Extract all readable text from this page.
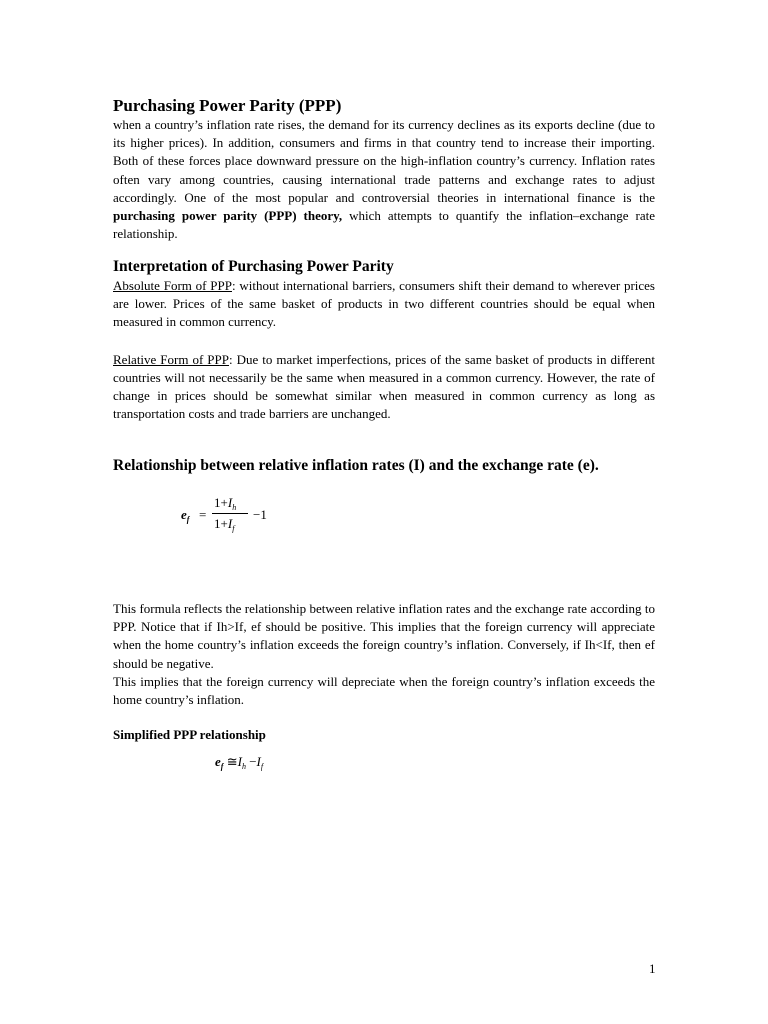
Purchasing Power Parity (PPP)

when a country’s inflation rate rises, the demand for its currency declines as its exports decline (due to its higher prices). In addition, consumers and firms in that country tend to increase their importing. Both of these forces place downward pressure on the high-inflation country’s currency. Inflation rates often vary among countries, causing international trade patterns and exchange rates to adjust accordingly. One of the most popular and controversial theories in international finance is the purchasing power parity (PPP) theory, which attempts to quantify the inflation–exchange rate relationship.

Interpretation of Purchasing Power Parity

Absolute Form of PPP: without international barriers, consumers shift their demand to wherever prices are lower. Prices of the same basket of products in two different countries should be equal when measured in common currency.

Relative Form of PPP: Due to market imperfections, prices of the same basket of products in different countries will not necessarily be the same when measured in a common currency. However, the rate of change in prices should be somewhat similar when measured in common currency as long as transportation costs and trade barriers are unchanged.

Relationship between relative inflation rates (I) and the exchange rate (e).
$e_f$ =
$1+I_h$
$1+I_f$
−1

This formula reflects the relationship between relative inflation rates and the exchange rate according to PPP. Notice that if Ih>If, ef should be positive. This implies that the foreign currency will appreciate when the home country’s inflation exceeds the foreign country’s inflation. Conversely, if Ih<If, then ef should be negative.

This implies that the foreign currency will depreciate when the foreign country’s inflation exceeds the home country’s inflation.

Simplified PPP relationship
$e_f$ $≅I_h -I_f$
1
